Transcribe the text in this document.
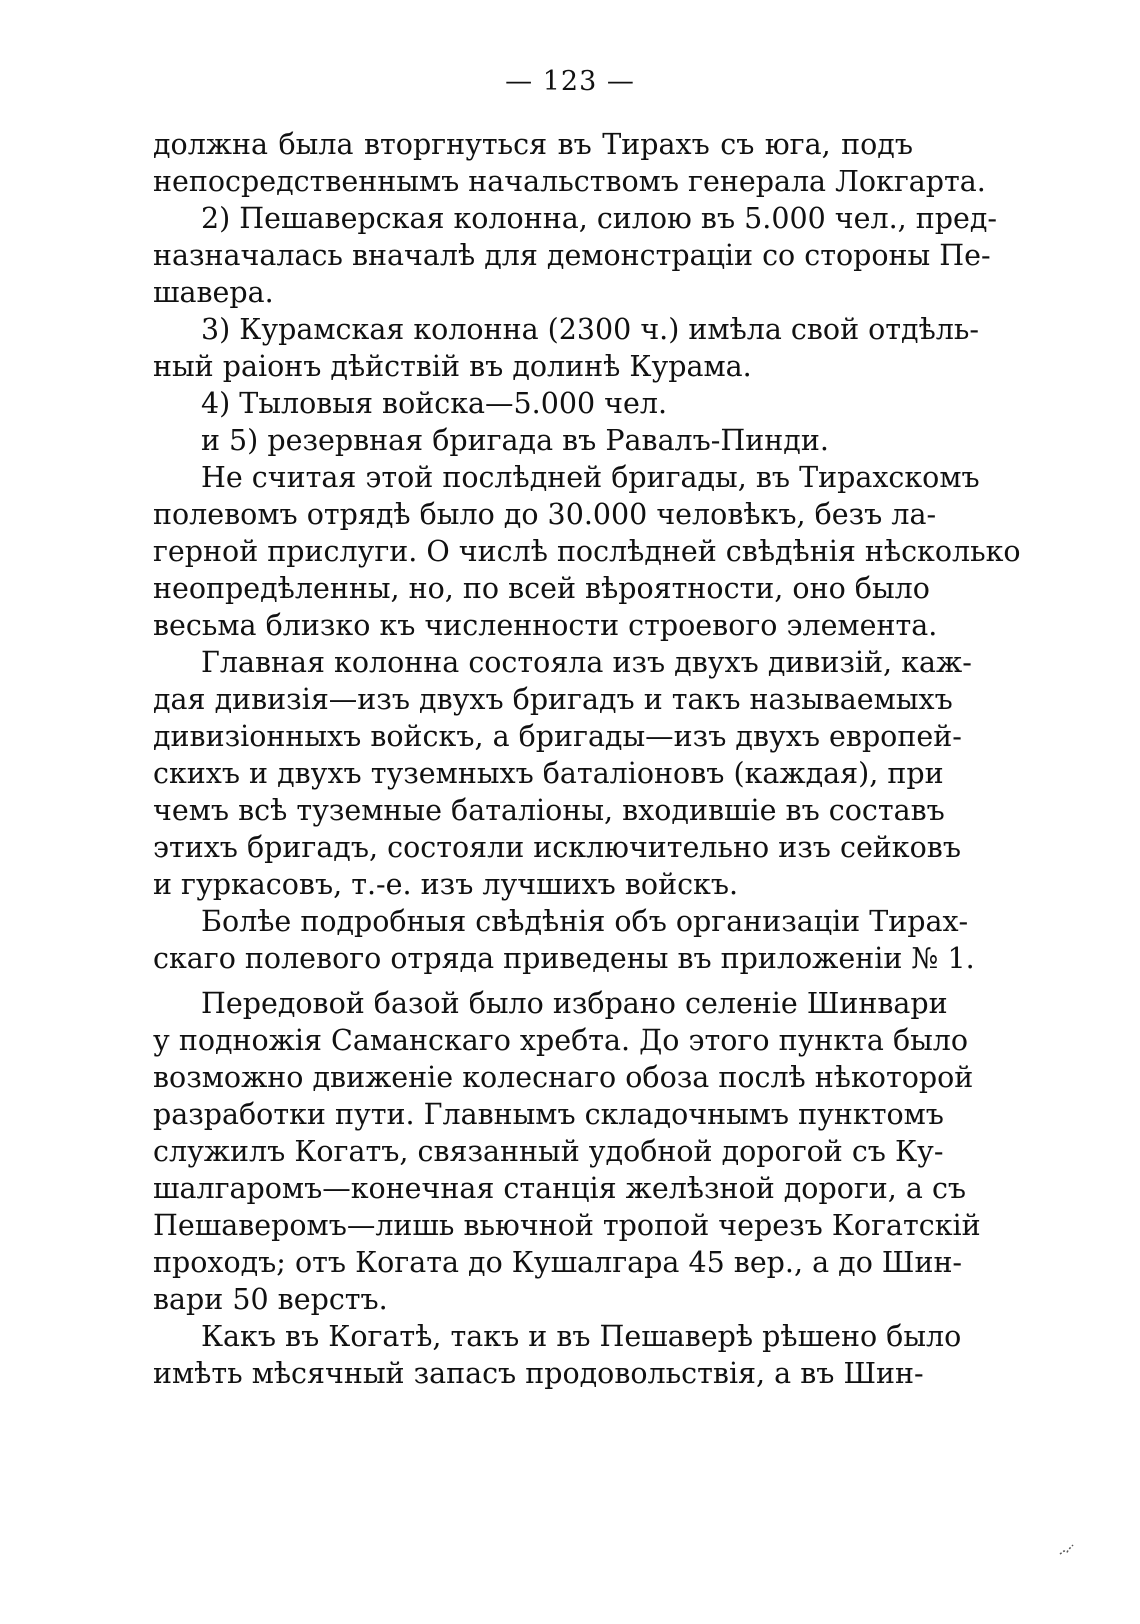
— 123 —
должна была вторгнуться въ Тирахъ съ юга, подъ
непосредственнымъ начальствомъ генерала Локгарта.
2) Пешаверская колонна, силою въ 5.000 чел., пред-
назначалась вначалѣ для демонстраціи со стороны Пе-
шавера.
3) Курамская колонна (2300 ч.) имѣла свой отдѣль-
ный раіонъ дѣйствій въ долинѣ Курама.
4) Тыловыя войска—5.000 чел.
и 5) резервная бригада въ Равалъ-Пинди.
Не считая этой послѣдней бригады, въ Тирахскомъ
полевомъ отрядѣ было до 30.000 человѣкъ, безъ ла-
герной прислуги. О числѣ послѣдней свѣдѣнія нѣсколько
неопредѣленны, но, по всей вѣроятности, оно было
весьма близко къ численности строевого элемента.
Главная колонна состояла изъ двухъ дивизій, каж-
дая дивизія—изъ двухъ бригадъ и такъ называемыхъ
дивизіонныхъ войскъ, а бригады—изъ двухъ европей-
скихъ и двухъ туземныхъ баталіоновъ (каждая), при
чемъ всѣ туземные баталіоны, входившіе въ составъ
этихъ бригадъ, состояли исключительно изъ сейковъ
и гуркасовъ, т.-е. изъ лучшихъ войскъ.
Болѣе подробныя свѣдѣнія объ организаціи Тирах-
скаго полевого отряда приведены въ приложеніи № 1.
Передовой базой было избрано селеніе Шинвари
у подножія Саманскаго хребта. До этого пункта было
возможно движеніе колеснаго обоза послѣ нѣкоторой
разработки пути. Главнымъ складочнымъ пунктомъ
служилъ Когатъ, связанный удобной дорогой съ Ку-
шалгаромъ—конечная станція желѣзной дороги, а съ
Пешаверомъ—лишь вьючной тропой черезъ Когатскій
проходъ; отъ Когата до Кушалгара 45 вер., а до Шин-
вари 50 верстъ.
Какъ въ Когатѣ, такъ и въ Пешаверѣ рѣшено было
имѣть мѣсячный запасъ продовольствія, а въ Шин-
